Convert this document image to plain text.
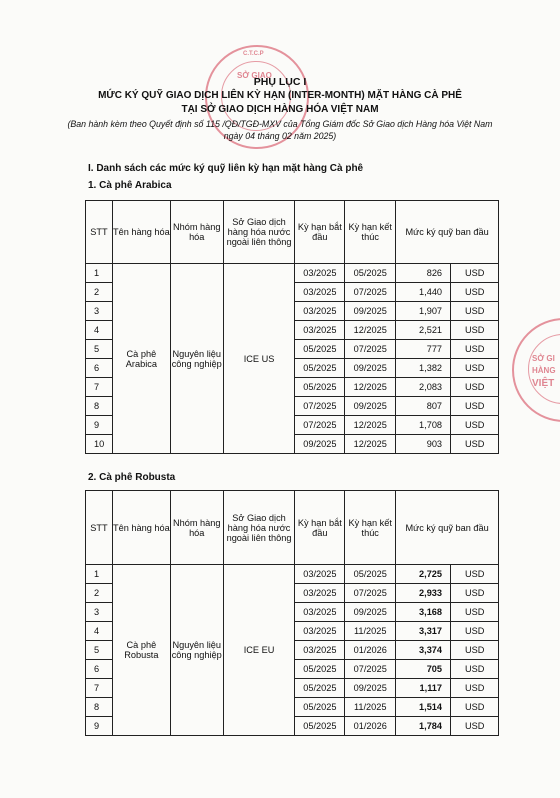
SỞ GIAO
C.T.C.P
SỞ GI
HÀNG
VIỆT
PHỤ LỤC I
MỨC KÝ QUỸ GIAO DỊCH LIÊN KỲ HẠN (INTER-MONTH) MẶT HÀNG CÀ PHÊ
TẠI SỞ GIAO DỊCH HÀNG HÓA VIỆT NAM
(Ban hành kèm theo Quyết định số 115 /QĐ/TGĐ-MXV của Tổng Giám đốc Sở Giao dịch Hàng hóa Việt Nam ngày 04 tháng 02 năm 2025)
I. Danh sách các mức ký quỹ liên kỳ hạn mặt hàng Cà phê
1. Cà phê Arabica
STT	Tên hàng hóa	Nhóm hàng hóa	Sở Giao dịch hàng hóa nước ngoài liên thông	Kỳ hạn bắt đầu	Kỳ hạn kết thúc	Mức ký quỹ ban đầu	
1	Cà phê Arabica	Nguyên liệu công nghiệp	ICE US	03/2025	05/2025	826	USD
2				03/2025	07/2025	1,440	USD
3				03/2025	09/2025	1,907	USD
4				03/2025	12/2025	2,521	USD
5				05/2025	07/2025	777	USD
6				05/2025	09/2025	1,382	USD
7				05/2025	12/2025	2,083	USD
8				07/2025	09/2025	807	USD
9				07/2025	12/2025	1,708	USD
10				09/2025	12/2025	903	USD
2. Cà phê Robusta
STT	Tên hàng hóa	Nhóm hàng hóa	Sở Giao dịch hàng hóa nước ngoài liên thông	Kỳ hạn bắt đầu	Kỳ hạn kết thúc	Mức ký quỹ ban đầu	
1	Cà phê Robusta	Nguyên liệu công nghiệp	ICE EU	03/2025	05/2025	2,725	USD
2				03/2025	07/2025	2,933	USD
3				03/2025	09/2025	3,168	USD
4				03/2025	11/2025	3,317	USD
5				03/2025	01/2026	3,374	USD
6				05/2025	07/2025	705	USD
7				05/2025	09/2025	1,117	USD
8				05/2025	11/2025	1,514	USD
9				05/2025	01/2026	1,784	USD
